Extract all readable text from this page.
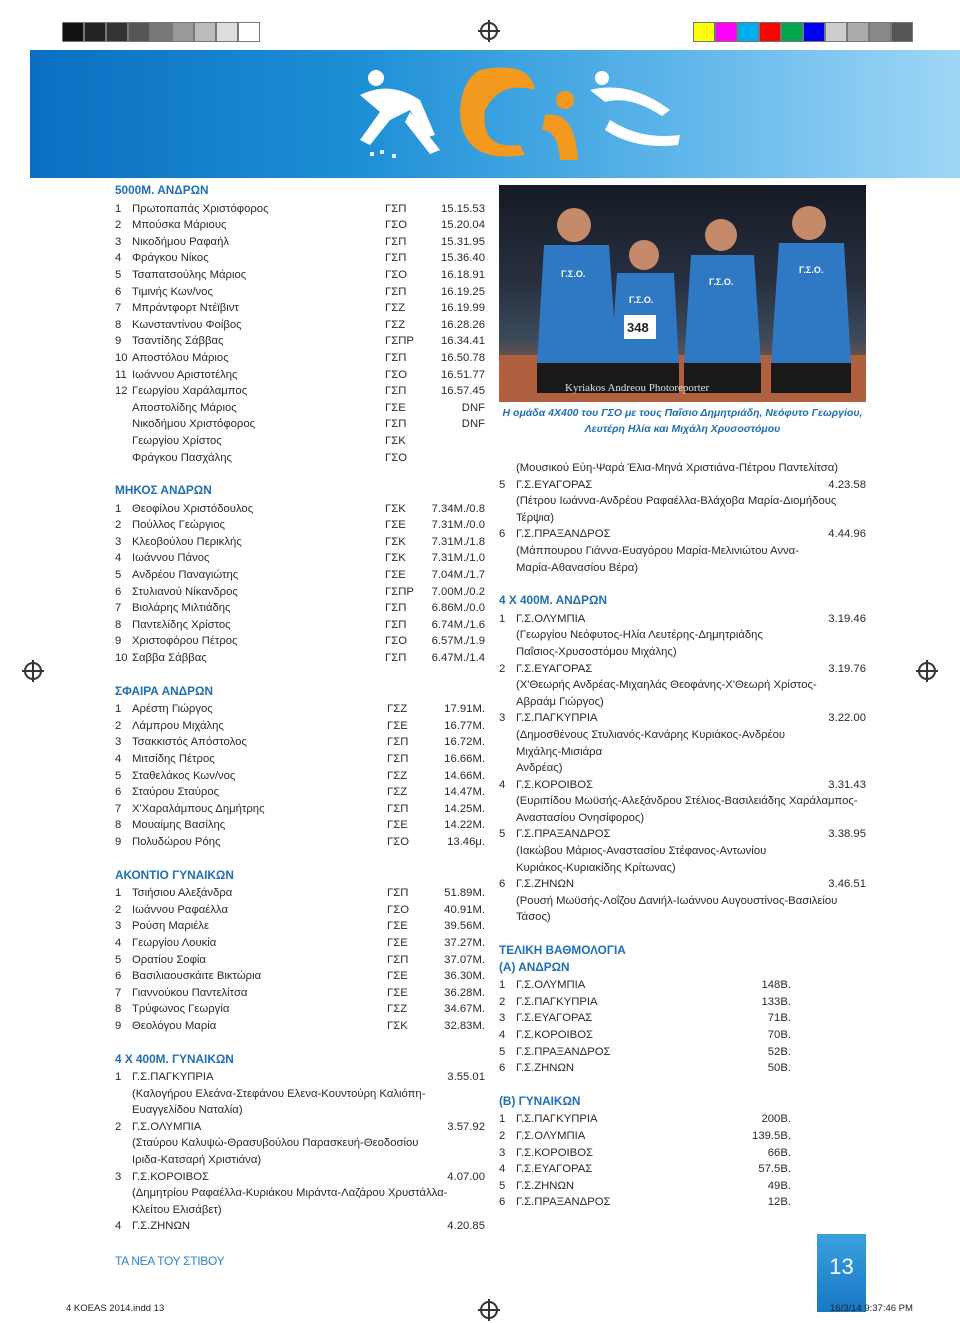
5000Μ. ΑΝΔΡΩΝ
1 Πρωτοπαπάς Χριστόφορος	ΓΣΠ	15.15.53
2 Μπούσκα Μάριους	ΓΣΟ	15.20.04
3 Νικοδήμου Ραφαήλ	ΓΣΠ	15.31.95
4 Φράγκου Νίκος	ΓΣΠ	15.36.40
5 Τσαπατσούλης Μάριος	ΓΣΟ	16.18.91
6 Τιμινής Κων/νος	ΓΣΠ	16.19.25
7 Μπράντφορτ Ντέϊβιντ	ΓΣΖ	16.19.99
8 Κωνσταντίνου Φοίβος	ΓΣΖ	16.28.26
9 Τσαντίδης Σάββας	ΓΣΠΡ	16.34.41
10 Αποστόλου Μάριος	ΓΣΠ	16.50.78
11 Ιωάννου Αριστοτέλης	ΓΣΟ	16.51.77
12 Γεωργίου Χαράλαμπος	ΓΣΠ	16.57.45
Αποστολίδης Μάριος	ΓΣΕ	DNF
Νικοδήμου Χριστόφορος	ΓΣΠ	DNF
Γεωργίου Χρίστος	ΓΣΚ
Φράγκου Πασχάλης	ΓΣΟ
ΜΗΚΟΣ ΑΝΔΡΩΝ
1 Θεοφίλου Χριστόδουλος	ΓΣΚ	7.34Μ./0.8
2 Πούλλος Γεώργιος	ΓΣΕ	7.31Μ./0.0
3 Κλεοβούλου Περικλής	ΓΣΚ	7.31Μ./1.8
4 Ιωάννου Πάνος	ΓΣΚ	7.31Μ./1.0
5 Ανδρέου Παναγιώτης	ΓΣΕ	7.04Μ./1.7
6 Στυλιανού Νίκανδρος	ΓΣΠΡ	7.00Μ./0.2
7 Βιολάρης Μιλτιάδης	ΓΣΠ	6.86Μ./0.0
8 Παντελίδης Χρίστος	ΓΣΠ	6.74Μ./1.6
9 Χριστοφόρου Πέτρος	ΓΣΟ	6.57Μ./1.9
10 Σαββα Σάββας	ΓΣΠ	6.47Μ./1.4
ΣΦΑΙΡΑ ΑΝΔΡΩΝ
1 Αρέστη Γιώργος	ΓΣΖ	17.91Μ.
2 Λάμπρου Μιχάλης	ΓΣΕ	16.77Μ.
3 Τσακκιστός Απόστολος	ΓΣΠ	16.72Μ.
4 Μιτσίδης Πέτρος	ΓΣΠ	16.66Μ.
5 Σταθελάκος Κων/νος	ΓΣΖ	14.66Μ.
6 Σταύρου Σταύρος	ΓΣΖ	14.47Μ.
7 Χ'Χαραλάμπους Δημήτρης	ΓΣΠ	14.25Μ.
8 Μουαίμης Βασίλης	ΓΣΕ	14.22Μ.
9 Πολυδώρου Ρόης	ΓΣΟ	13.46μ.
ΑΚΟΝΤΙΟ ΓΥΝΑΙΚΩΝ
1 Τσιήσιου Αλεξάνδρα	ΓΣΠ	51.89Μ.
2 Ιωάννου Ραφαέλλα	ΓΣΟ	40.91Μ.
3 Ρούση Μαριέλε	ΓΣΕ	39.56Μ.
4 Γεωργίου Λουκία	ΓΣΕ	37.27Μ.
5 Ορατίου Σοφία	ΓΣΠ	37.07Μ.
6 Βασιλιαουσκάιτε Βικτώρια	ΓΣΕ	36.30Μ.
7 Γιαννούκου Παντελίτσα	ΓΣΕ	36.28Μ.
8 Τρύφωνος Γεωργία	ΓΣΖ	34.67Μ.
9 Θεολόγου Μαρία	ΓΣΚ	32.83Μ.
4 Χ 400Μ. ΓΥΝΑΙΚΩΝ
1 Γ.Σ.ΠΑΓΚΥΠΡΙΑ	3.55.01
(Καλογήρου Ελεάνα-Στεφάνου Ελενα-Κουντούρη Καλιόπη-
Ευαγγελίδου Ναταλία)
2 Γ.Σ.ΟΛΥΜΠΙΑ	3.57.92
(Σταύρου Καλυψώ-Θρασυβούλου Παρασκευή-Θεοδοσίου
Ιριδα-Κατσαρή Χριστιάνα)
3 Γ.Σ.ΚΟΡΟΙΒΟΣ	4.07.00
(Δημητρίου Ραφαέλλα-Κυριάκου Μιράντα-Λαζάρου Χρυστάλλα-
Κλείτου Ελισάβετ)
4 Γ.Σ.ΖΗΝΩΝ	4.20.85
Γ.Σ.Ο.
Γ.Σ.Ο.
Γ.Σ.Ο.
Γ.Σ.Ο.
348
Kyriakos Andreou Photoreporter
Η ομάδα 4Χ400 του ΓΣΟ με τους Παΐσιο Δημητριάδη, Νεόφυτο Γεωργίου,
Λευτέρη Ηλία και Μιχάλη Χρυσοστόμου
(Μουσικού Εύη-Ψαρά Έλια-Μηνά Χριστιάνα-Πέτρου Παντελίτσα)
5 Γ.Σ.ΕΥΑΓΟΡΑΣ	4.23.58
(Πέτρου Ιωάννα-Ανδρέου Ραφαέλλα-Βλάχοβα Μαρία-Διομήδους
Τέρψια)
6 Γ.Σ.ΠΡΑΞΑΝΔΡΟΣ	4.44.96
(Μάππουρου Γιάννα-Ευαγόρου Μαρία-Μελινιώτου Αννα-
Μαρία-Αθανασίου Βέρα)
4 Χ 400Μ. ΑΝΔΡΩΝ
1 Γ.Σ.ΟΛΥΜΠΙΑ	3.19.46
(Γεωργίου Νεόφυτος-Ηλία Λευτέρης-Δημητριάδης
Παΐσιος-Χρυσοστόμου Μιχάλης)
2 Γ.Σ.ΕΥΑΓΟΡΑΣ	3.19.76
(Χ'Θεωρής Ανδρέας-Μιχαηλάς Θεοφάνης-Χ'Θεωρή Χρίστος-
Αβραάμ Γιώργος)
3 Γ.Σ.ΠΑΓΚΥΠΡΙΑ	3.22.00
(Δημοσθένους Στυλιανός-Κανάρης Κυριάκος-Ανδρέου
Μιχάλης-Μισιάρα
Ανδρέας)
4 Γ.Σ.ΚΟΡΟΙΒΟΣ	3.31.43
(Ευριπίδου Μωϋσής-Αλεξάνδρου Στέλιος-Βασιλειάδης Χαράλαμπος-
Αναστασίου Ονησίφορος)
5 Γ.Σ.ΠΡΑΞΑΝΔΡΟΣ	3.38.95
(Ιακώβου Μάριος-Αναστασίου Στέφανος-Αντωνίου
Κυριάκος-Κυριακίδης Κρίτωνας)
6 Γ.Σ.ΖΗΝΩΝ	3.46.51
(Ρουσή Μωϋσής-Λοΐζου Δανιήλ-Ιωάννου Αυγουστίνος-Βασιλείου
Τάσος)
ΤΕΛΙΚΗ ΒΑΘΜΟΛΟΓΙΑ
(Α) ΑΝΔΡΩΝ
1 Γ.Σ.ΟΛΥΜΠΙΑ	148Β.
2 Γ.Σ.ΠΑΓΚΥΠΡΙΑ	133Β.
3 Γ.Σ.ΕΥΑΓΟΡΑΣ	71Β.
4 Γ.Σ.ΚΟΡΟΙΒΟΣ	70Β.
5 Γ.Σ.ΠΡΑΞΑΝΔΡΟΣ	52Β.
6 Γ.Σ.ΖΗΝΩΝ	50Β.
(Β) ΓΥΝΑΙΚΩΝ
1 Γ.Σ.ΠΑΓΚΥΠΡΙΑ	200Β.
2 Γ.Σ.ΟΛΥΜΠΙΑ	139.5Β.
3 Γ.Σ.ΚΟΡΟΙΒΟΣ	66Β.
4 Γ.Σ.ΕΥΑΓΟΡΑΣ	57.5Β.
5 Γ.Σ.ΖΗΝΩΝ	49Β.
6 Γ.Σ.ΠΡΑΞΑΝΔΡΟΣ	12Β.
ΤΑ ΝΕΑ ΤΟΥ ΣΤΙΒΟΥ	13
4 KOEAS 2014.indd 13	16/3/14 9:37:46 PM
